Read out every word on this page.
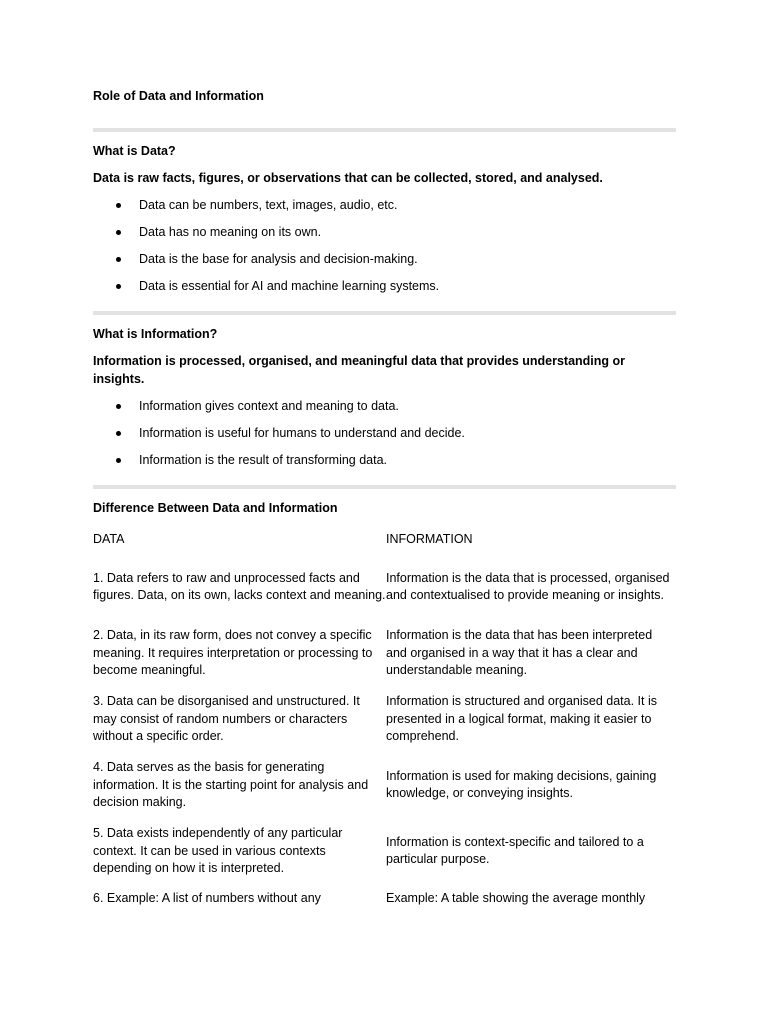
Role of Data and Information

What is Data?

Data is raw facts, figures, or observations that can be collected, stored, and analysed.

Data can be numbers, text, images, audio, etc.
Data has no meaning on its own.
Data is the base for analysis and decision-making.
Data is essential for AI and machine learning systems.

What is Information?

Information is processed, organised, and meaningful data that provides understanding or insights.

Information gives context and meaning to data.
Information is useful for humans to understand and decide.
Information is the result of transforming data.

Difference Between Data and Information

DATA	INFORMATION

1. Data refers to raw and unprocessed facts and figures. Data, on its own, lacks context and meaning.

Information is the data that is processed, organised and contextualised to provide meaning or insights.

2. Data, in its raw form, does not convey a specific meaning. It requires interpretation or processing to become meaningful.

Information is the data that has been interpreted and organised in a way that it has a clear and understandable meaning.

3. Data can be disorganised and unstructured. It may consist of random numbers or characters without a specific order.

Information is structured and organised data. It is presented in a logical format, making it easier to comprehend.

4. Data serves as the basis for generating information. It is the starting point for analysis and decision making.

Information is used for making decisions, gaining knowledge, or conveying insights.

5. Data exists independently of any particular context. It can be used in various contexts depending on how it is interpreted.

Information is context-specific and tailored to a particular purpose.

6. Example: A list of numbers without any	Example: A table showing the average monthly
